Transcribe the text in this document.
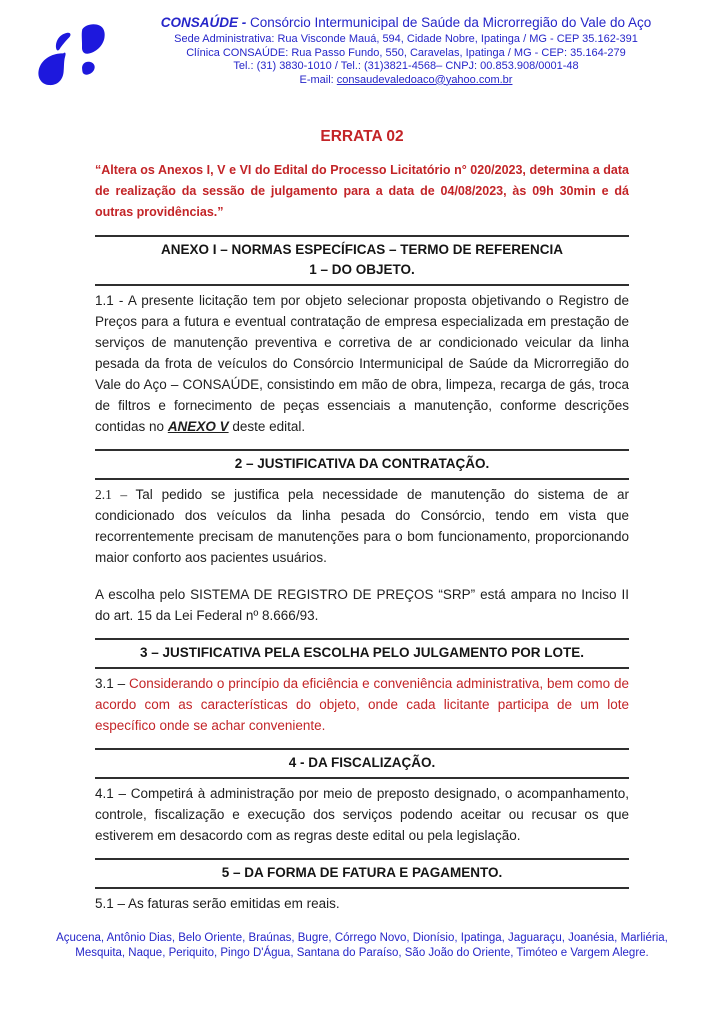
CONSAÚDE - Consórcio Intermunicipal de Saúde da Microrregião do Vale do Aço
Sede Administrativa: Rua Visconde Mauá, 594, Cidade Nobre, Ipatinga / MG - CEP 35.162-391
Clínica CONSAÚDE: Rua Passo Fundo, 550, Caravelas, Ipatinga / MG - CEP: 35.164-279
Tel.: (31) 3830-1010 / Tel.: (31)3821-4568– CNPJ: 00.853.908/0001-48
E-mail: consaudevaledoaco@yahoo.com.br
ERRATA 02

“Altera os Anexos I, V e VI do Edital do Processo Licitatório n° 020/2023, determina a data de realização da sessão de julgamento para a data de 04/08/2023, às 09h 30min e dá outras providências.”

ANEXO I – NORMAS ESPECÍFICAS – TERMO DE REFERENCIA
1 – DO OBJETO.

1.1 - A presente licitação tem por objeto selecionar proposta objetivando o Registro de Preços para a futura e eventual contratação de empresa especializada em prestação de serviços de manutenção preventiva e corretiva de ar condicionado veicular da linha pesada da frota de veículos do Consórcio Intermunicipal de Saúde da Microrregião do Vale do Aço – CONSAÚDE, consistindo em mão de obra, limpeza, recarga de gás, troca de filtros e fornecimento de peças essenciais a manutenção, conforme descrições contidas no ANEXO V deste edital.

2 – JUSTIFICATIVA DA CONTRATAÇÃO.

2.1 – Tal pedido se justifica pela necessidade de manutenção do sistema de ar condicionado dos veículos da linha pesada do Consórcio, tendo em vista que recorrentemente precisam de manutenções para o bom funcionamento, proporcionando maior conforto aos pacientes usuários.

A escolha pelo SISTEMA DE REGISTRO DE PREÇOS “SRP” está ampara no Inciso II do art. 15 da Lei Federal nº 8.666/93.

3 – JUSTIFICATIVA PELA ESCOLHA PELO JULGAMENTO POR LOTE.

3.1 – Considerando o princípio da eficiência e conveniência administrativa, bem como de acordo com as características do objeto, onde cada licitante participa de um lote específico onde se achar conveniente.

4 - DA FISCALIZAÇÃO.

4.1 – Competirá à administração por meio de preposto designado, o acompanhamento, controle, fiscalização e execução dos serviços podendo aceitar ou recusar os que estiverem em desacordo com as regras deste edital ou pela legislação.

5 – DA FORMA DE FATURA E PAGAMENTO.

5.1 – As faturas serão emitidas em reais.

Açucena, Antônio Dias, Belo Oriente, Braúnas, Bugre, Córrego Novo, Dionísio, Ipatinga, Jaguaraçu, Joanésia, Marliéria, Mesquita, Naque, Periquito, Pingo D'Água, Santana do Paraíso, São João do Oriente, Timóteo e Vargem Alegre.
